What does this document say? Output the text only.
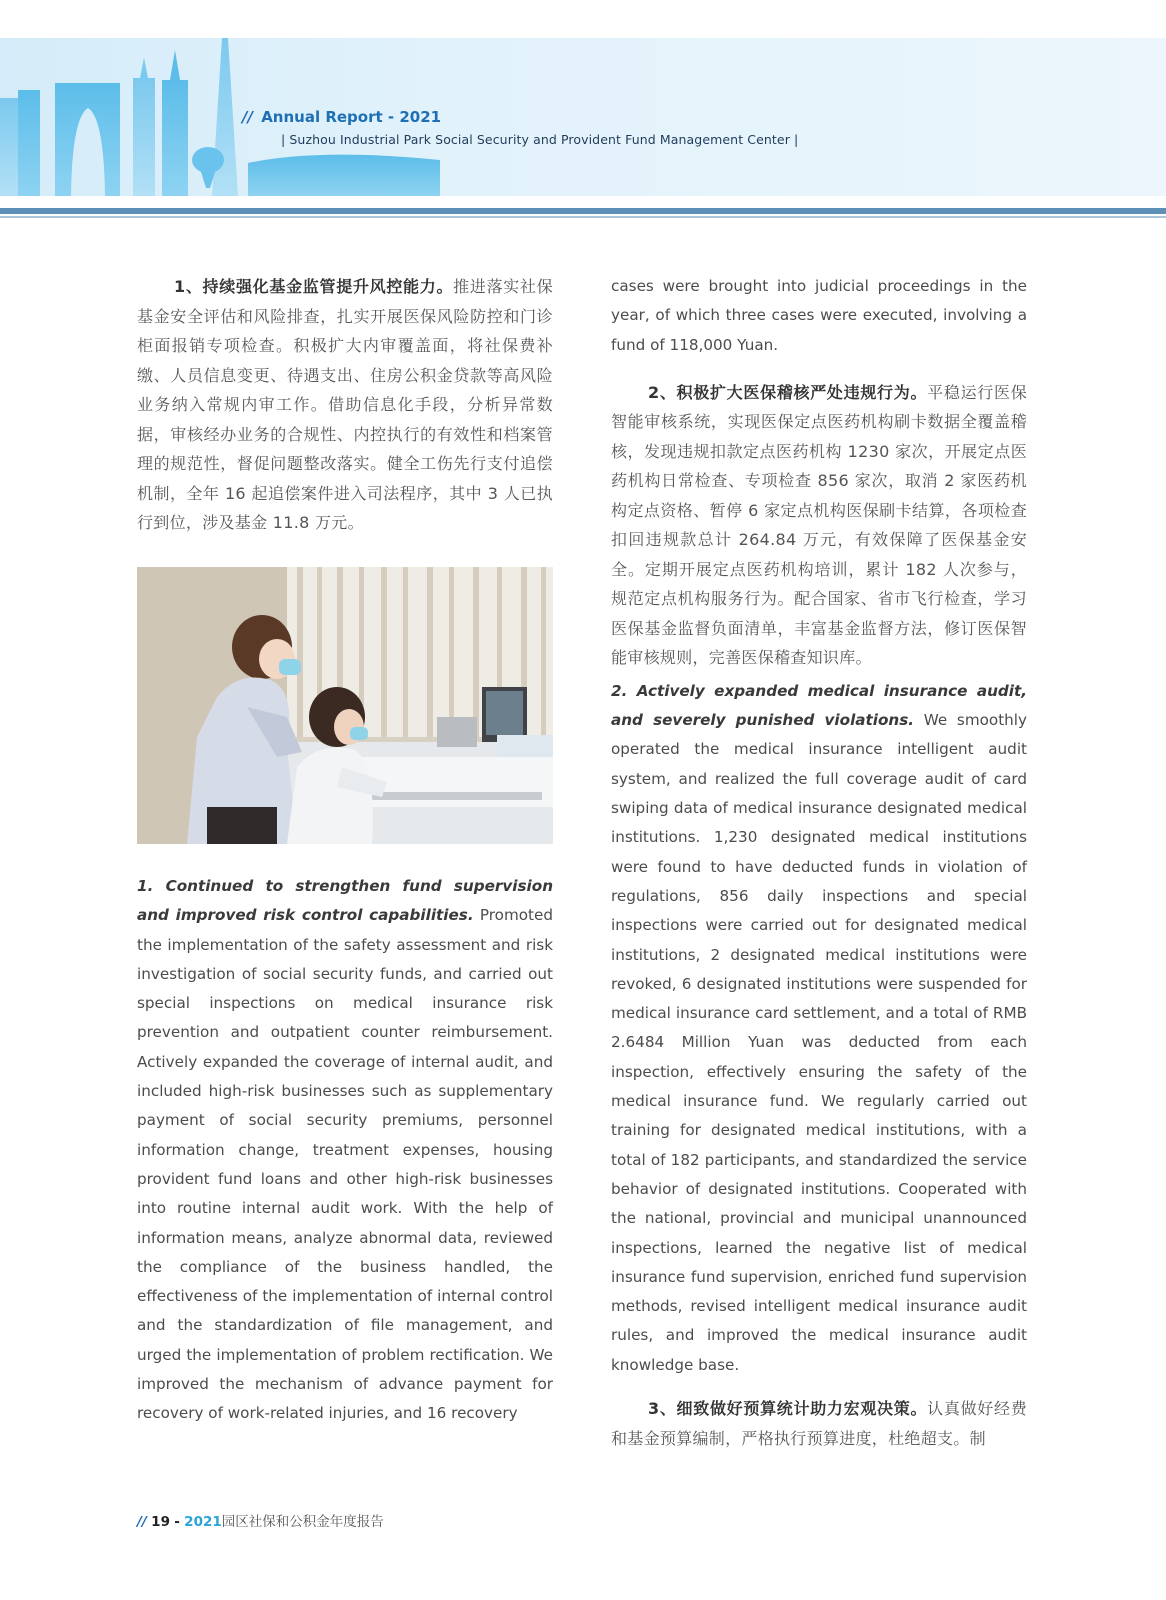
// Annual Report - 2021
| Suzhou Industrial Park Social Security and Provident Fund Management Center |

1、持续强化基金监管提升风控能力。推进落实社保基金安全评估和风险排查，扎实开展医保风险防控和门诊柜面报销专项检查。积极扩大内审覆盖面，将社保费补缴、人员信息变更、待遇支出、住房公积金贷款等高风险业务纳入常规内审工作。借助信息化手段，分析异常数据，审核经办业务的合规性、内控执行的有效性和档案管理的规范性，督促问题整改落实。健全工伤先行支付追偿机制，全年 16 起追偿案件进入司法程序，其中 3 人已执行到位，涉及基金 11.8 万元。

1. Continued to strengthen fund supervision and improved risk control capabilities. Promoted the implementation of the safety assessment and risk investigation of social security funds, and carried out special inspections on medical insurance risk prevention and outpatient counter reimbursement. Actively expanded the coverage of internal audit, and included high-risk businesses such as supplementary payment of social security premiums, personnel information change, treatment expenses, housing provident fund loans and other high-risk businesses into routine internal audit work. With the help of information means, analyze abnormal data, reviewed the compliance of the business handled, the effectiveness of the implementation of internal control and the standardization of file management, and urged the implementation of problem rectification. We improved the mechanism of advance payment for recovery of work-related injuries, and 16 recovery

cases were brought into judicial proceedings in the year, of which three cases were executed, involving a fund of 118,000 Yuan.

2、积极扩大医保稽核严处违规行为。平稳运行医保智能审核系统，实现医保定点医药机构刷卡数据全覆盖稽核，发现违规扣款定点医药机构 1230 家次，开展定点医药机构日常检查、专项检查 856 家次，取消 2 家医药机构定点资格、暂停 6 家定点机构医保刷卡结算，各项检查扣回违规款总计 264.84 万元，有效保障了医保基金安全。定期开展定点医药机构培训，累计 182 人次参与，规范定点机构服务行为。配合国家、省市飞行检查，学习医保基金监督负面清单，丰富基金监督方法，修订医保智能审核规则，完善医保稽查知识库。

2. Actively expanded medical insurance audit, and severely punished violations. We smoothly operated the medical insurance intelligent audit system, and realized the full coverage audit of card swiping data of medical insurance designated medical institutions. 1,230 designated medical institutions were found to have deducted funds in violation of regulations, 856 daily inspections and special inspections were carried out for designated medical institutions, 2 designated medical institutions were revoked, 6 designated institutions were suspended for medical insurance card settlement, and a total of RMB 2.6484 Million Yuan was deducted from each inspection, effectively ensuring the safety of the medical insurance fund. We regularly carried out training for designated medical institutions, with a total of 182 participants, and standardized the service behavior of designated institutions. Cooperated with the national, provincial and municipal unannounced inspections, learned the negative list of medical insurance fund supervision, enriched fund supervision methods, revised intelligent medical insurance audit rules, and improved the medical insurance audit knowledge base.

3、细致做好预算统计助力宏观决策。认真做好经费和基金预算编制，严格执行预算进度，杜绝超支。制

// 19 - 2021园区社保和公积金年度报告
